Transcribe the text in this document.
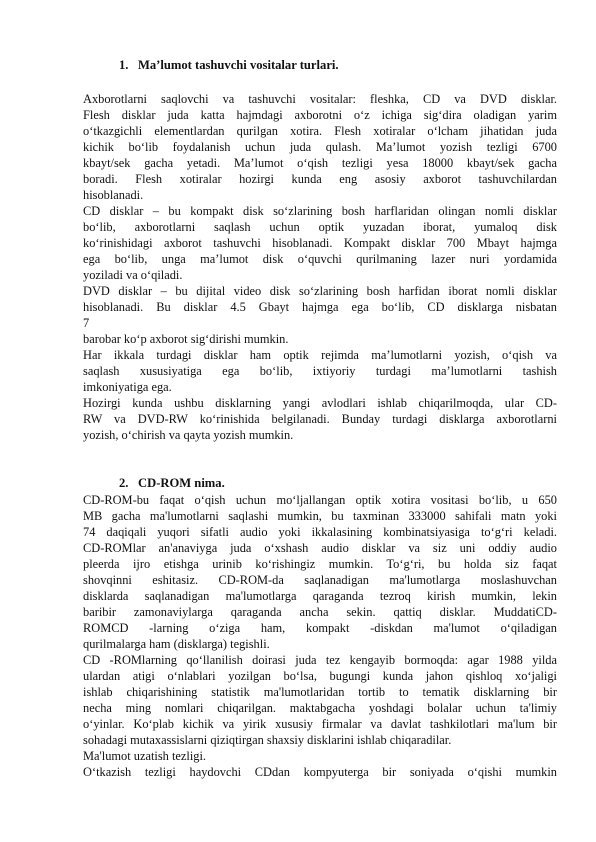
1. Ma’lumot tashuvchi vositalar turlari.
Axborotlarni saqlovchi va tashuvchi vositalar: fleshka, CD va DVD disklar.
Flesh disklar juda katta hajmdagi axborotni o‘z ichiga sig‘dira oladigan yarim
o‘tkazgichli elementlardan qurilgan xotira. Flesh xotiralar o‘lcham jihatidan juda
kichik bo‘lib foydalanish uchun juda qulash. Ma’lumot yozish tezligi 6700
kbayt/sek gacha yetadi. Ma’lumot o‘qish tezligi yesa 18000 kbayt/sek gacha
boradi. Flesh xotiralar hozirgi kunda eng asosiy axborot tashuvchilardan
hisoblanadi.
CD disklar – bu kompakt disk so‘zlarining bosh harflaridan olingan nomli disklar
bo‘lib, axborotlarni saqlash uchun optik yuzadan iborat, yumaloq disk
ko‘rinishidagi axborot tashuvchi hisoblanadi. Kompakt disklar 700 Mbayt hajmga
ega bo‘lib, unga ma’lumot disk o‘quvchi qurilmaning lazer nuri yordamida
yoziladi va o‘qiladi.
DVD disklar – bu dijital video disk so‘zlarining bosh harfidan iborat nomli disklar
hisoblanadi. Bu disklar 4.5 Gbayt hajmga ega bo‘lib, CD disklarga nisbatan
7
barobar ko‘p axborot sig‘dirishi mumkin.
Har ikkala turdagi disklar ham optik rejimda ma’lumotlarni yozish, o‘qish va
saqlash xususiyatiga ega bo‘lib, ixtiyoriy turdagi ma’lumotlarni tashish
imkoniyatiga ega.
Hozirgi kunda ushbu disklarning yangi avlodlari ishlab chiqarilmoqda, ular CD-
RW va DVD-RW ko‘rinishida belgilanadi. Bunday turdagi disklarga axborotlarni
yozish, o‘chirish va qayta yozish mumkin.
2. CD-ROM nima.
CD-ROM-bu faqat o‘qish uchun mo‘ljallangan optik xotira vositasi bo‘lib, u 650
MB gacha ma'lumotlarni saqlashi mumkin, bu taxminan 333000 sahifali matn yoki
74 daqiqali yuqori sifatli audio yoki ikkalasining kombinatsiyasiga to‘g‘ri keladi.
CD-ROMlar an'anaviyga juda o‘xshash audio disklar va siz uni oddiy audio
pleerda ijro etishga urinib ko‘rishingiz mumkin. To‘g‘ri, bu holda siz faqat
shovqinni eshitasiz. CD-ROM-da saqlanadigan ma'lumotlarga moslashuvchan
disklarda saqlanadigan ma'lumotlarga qaraganda tezroq kirish mumkin, lekin
baribir zamonaviylarga qaraganda ancha sekin. qattiq disklar. MuddatiCD-
ROMCD -larning o‘ziga ham, kompakt -diskdan ma'lumot o‘qiladigan
qurilmalarga ham (disklarga) tegishli.
CD -ROMlarning qo‘llanilish doirasi juda tez kengayib bormoqda: agar 1988 yilda
ulardan atigi o‘nlablari yozilgan bo‘lsa, bugungi kunda jahon qishloq xo‘jaligi
ishlab chiqarishining statistik ma'lumotlaridan tortib to tematik disklarning bir
necha ming nomlari chiqarilgan. maktabgacha yoshdagi bolalar uchun ta'limiy
o‘yinlar. Ko‘plab kichik va yirik xususiy firmalar va davlat tashkilotlari ma'lum bir
sohadagi mutaxassislarni qiziqtirgan shaxsiy disklarini ishlab chiqaradilar.
Ma'lumot uzatish tezligi.
O‘tkazish tezligi haydovchi CDdan kompyuterga bir soniyada o‘qishi mumkin
